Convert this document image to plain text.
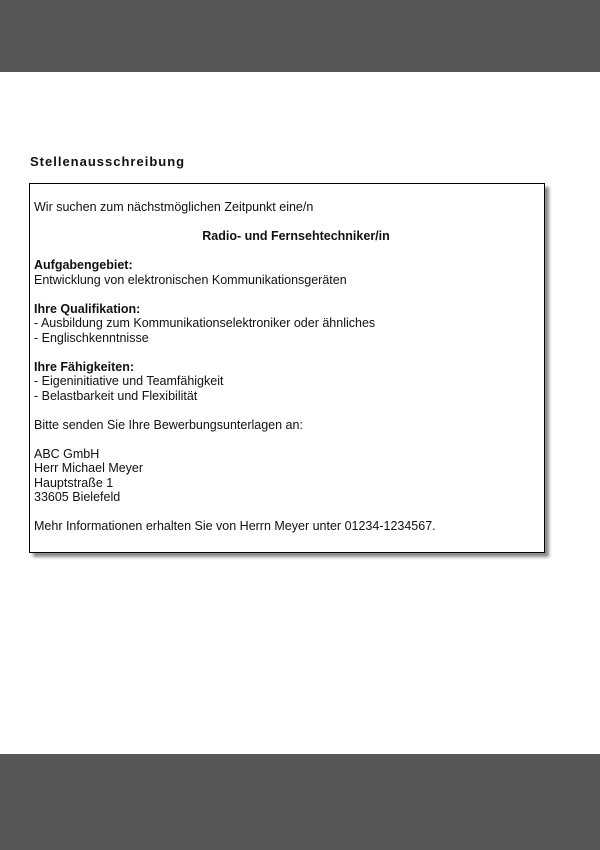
Stellenausschreibung
Wir suchen zum nächstmöglichen Zeitpunkt eine/n
Radio- und Fernsehtechniker/in
Aufgabengebiet:
Entwicklung von elektronischen Kommunikationsgeräten
Ihre Qualifikation:
- Ausbildung zum Kommunikationselektroniker oder ähnliches
- Englischkenntnisse
Ihre Fähigkeiten:
- Eigeninitiative und Teamfähigkeit
- Belastbarkeit und Flexibilität
Bitte senden Sie Ihre Bewerbungsunterlagen an:
ABC GmbH
Herr Michael Meyer
Hauptstraße 1
33605 Bielefeld
Mehr Informationen erhalten Sie von Herrn Meyer unter 01234-1234567.
